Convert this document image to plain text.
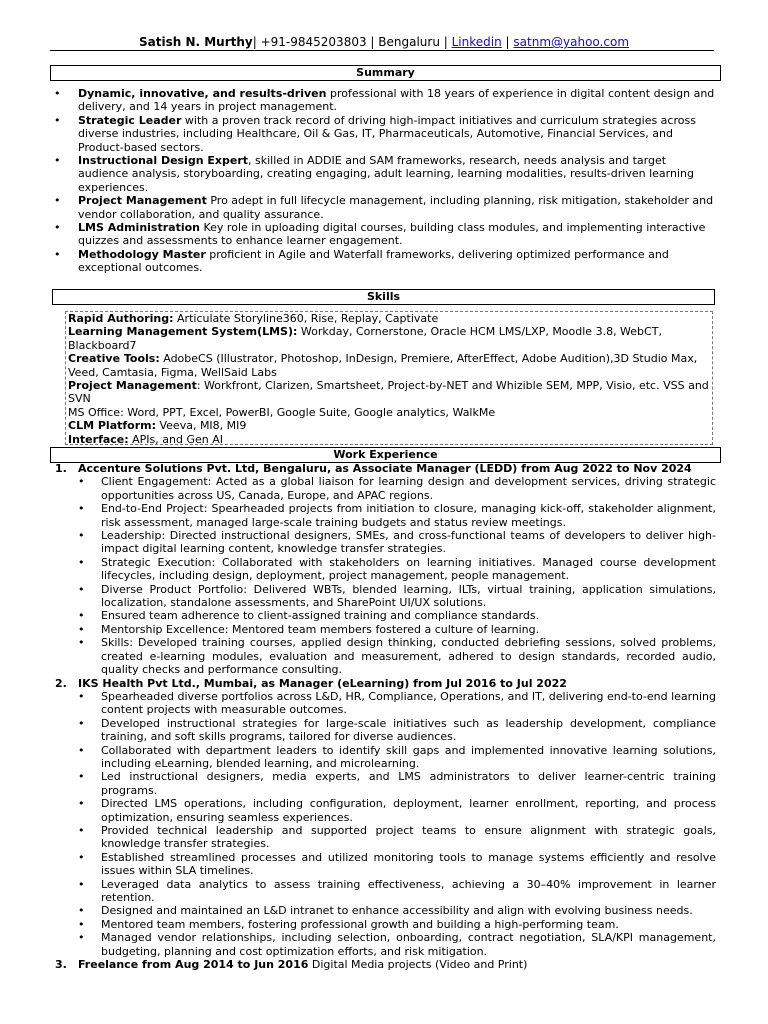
Satish N. Murthy| +91-9845203803 | Bengaluru | Linkedin | satnm@yahoo.com
Summary
• Dynamic, innovative, and results-driven professional with 18 years of experience in digital content design and delivery, and 14 years in project management.
• Strategic Leader with a proven track record of driving high-impact initiatives and curriculum strategies across diverse industries, including Healthcare, Oil & Gas, IT, Pharmaceuticals, Automotive, Financial Services, and Product-based sectors.
• Instructional Design Expert, skilled in ADDIE and SAM frameworks, research, needs analysis and target audience analysis, storyboarding, creating engaging, adult learning, learning modalities, results-driven learning experiences.
• Project Management Pro adept in full lifecycle management, including planning, risk mitigation, stakeholder and vendor collaboration, and quality assurance.
• LMS Administration Key role in uploading digital courses, building class modules, and implementing interactive quizzes and assessments to enhance learner engagement.
• Methodology Master proficient in Agile and Waterfall frameworks, delivering optimized performance and exceptional outcomes.
Skills
Rapid Authoring: Articulate Storyline360, Rise, Replay, Captivate
Learning Management System(LMS): Workday, Cornerstone, Oracle HCM LMS/LXP, Moodle 3.8, WebCT, Blackboard7
Creative Tools: AdobeCS (Illustrator, Photoshop, InDesign, Premiere, AfterEffect, Adobe Audition),3D Studio Max, Veed, Camtasia, Figma, WellSaid Labs
Project Management: Workfront, Clarizen, Smartsheet, Project-by-NET and Whizible SEM, MPP, Visio, etc. VSS and SVN
MS Office: Word, PPT, Excel, PowerBI, Google Suite, Google analytics, WalkMe
CLM Platform: Veeva, MI8, MI9
Interface: APIs, and Gen AI
Work Experience
1. Accenture Solutions Pvt. Ltd, Bengaluru, as Associate Manager (LEDD) from Aug 2022 to Nov 2024
• Client Engagement: Acted as a global liaison for learning design and development services, driving strategic opportunities across US, Canada, Europe, and APAC regions.
• End-to-End Project: Spearheaded projects from initiation to closure, managing kick-off, stakeholder alignment, risk assessment, managed large-scale training budgets and status review meetings.
• Leadership: Directed instructional designers, SMEs, and cross-functional teams of developers to deliver high-impact digital learning content, knowledge transfer strategies.
• Strategic Execution: Collaborated with stakeholders on learning initiatives. Managed course development lifecycles, including design, deployment, project management, people management.
• Diverse Product Portfolio: Delivered WBTs, blended learning, ILTs, virtual training, application simulations, localization, standalone assessments, and SharePoint UI/UX solutions.
• Ensured team adherence to client-assigned training and compliance standards.
• Mentorship Excellence: Mentored team members fostered a culture of learning.
• Skills: Developed training courses, applied design thinking, conducted debriefing sessions, solved problems, created e-learning modules, evaluation and measurement, adhered to design standards, recorded audio, quality checks and performance consulting.
2. IKS Health Pvt Ltd., Mumbai, as Manager (eLearning) from Jul 2016 to Jul 2022
• Spearheaded diverse portfolios across L&D, HR, Compliance, Operations, and IT, delivering end-to-end learning content projects with measurable outcomes.
• Developed instructional strategies for large-scale initiatives such as leadership development, compliance training, and soft skills programs, tailored for diverse audiences.
• Collaborated with department leaders to identify skill gaps and implemented innovative learning solutions, including eLearning, blended learning, and microlearning.
• Led instructional designers, media experts, and LMS administrators to deliver learner-centric training programs.
• Directed LMS operations, including configuration, deployment, learner enrollment, reporting, and process optimization, ensuring seamless experiences.
• Provided technical leadership and supported project teams to ensure alignment with strategic goals, knowledge transfer strategies.
• Established streamlined processes and utilized monitoring tools to manage systems efficiently and resolve issues within SLA timelines.
• Leveraged data analytics to assess training effectiveness, achieving a 30–40% improvement in learner retention.
• Designed and maintained an L&D intranet to enhance accessibility and align with evolving business needs.
• Mentored team members, fostering professional growth and building a high-performing team.
• Managed vendor relationships, including selection, onboarding, contract negotiation, SLA/KPI management, budgeting, planning and cost optimization efforts, and risk mitigation.
3. Freelance from Aug 2014 to Jun 2016 Digital Media projects (Video and Print)
